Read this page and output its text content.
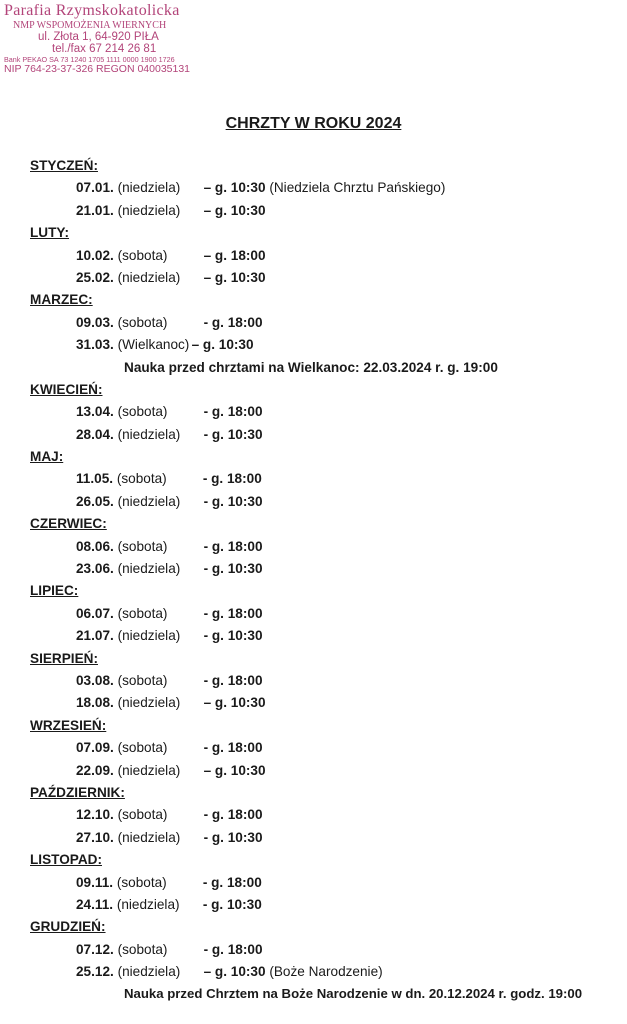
Parafia Rzymskokatolicka
NMP WSPOMOŻENIA WIERNYCH
ul. Złota 1, 64-920 PIŁA
tel./fax 67 214 26 81
Bank PEKAO SA 73 1240 1705 1111 0000 1900 1726
NIP 764-23-37-326 REGON 040035131
CHRZTY W ROKU 2024
STYCZEŃ:
07.01. (niedziela) – g. 10:30 (Niedziela Chrztu Pańskiego)
21.01. (niedziela) – g. 10:30
LUTY:
10.02. (sobota)	– g. 18:00
25.02. (niedziela) – g. 10:30
MARZEC:
09.03. (sobota)	- g. 18:00
31.03. (Wielkanoc) – g. 10:30
Nauka przed chrztami na Wielkanoc: 22.03.2024 r. g. 19:00
KWIECIEŃ:
13.04. (sobota)	- g. 18:00
28.04. (niedziela) - g. 10:30
MAJ:
11.05. (sobota)	- g. 18:00
26.05. (niedziela) - g. 10:30
CZERWIEC:
08.06. (sobota)	- g. 18:00
23.06. (niedziela) - g. 10:30
LIPIEC:
06.07. (sobota)	- g. 18:00
21.07. (niedziela) - g. 10:30
SIERPIEŃ:
03.08. (sobota)	- g. 18:00
18.08. (niedziela) – g. 10:30
WRZESIEŃ:
07.09. (sobota)	- g. 18:00
22.09. (niedziela) – g. 10:30
PAŹDZIERNIK:
12.10. (sobota)	- g. 18:00
27.10. (niedziela) - g. 10:30
LISTOPAD:
09.11. (sobota)	- g. 18:00
24.11. (niedziela) - g. 10:30
GRUDZIEŃ:
07.12. (sobota)	- g. 18:00
25.12. (niedziela) – g. 10:30 (Boże Narodzenie)
Nauka przed Chrztem na Boże Narodzenie w dn. 20.12.2024 r. godz. 19:00
